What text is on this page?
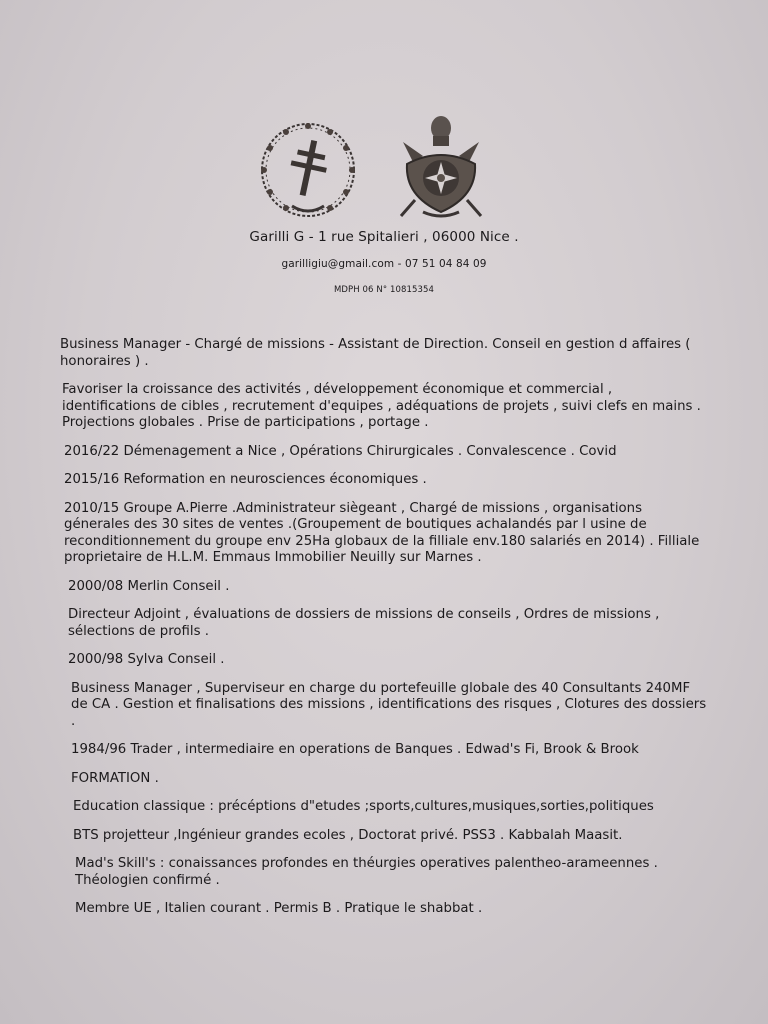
Garilli G - 1 rue Spitalieri , 06000 Nice .
garilligiu@gmail.com - 07 51 04 84 09
MDPH 06 N° 10815354

Business Manager - Chargé de missions - Assistant de Direction. Conseil en gestion d affaires ( honoraires ) .

Favoriser la croissance des activités , développement économique et commercial , identifications de cibles , recrutement d'equipes , adéquations de projets , suivi clefs en mains . Projections globales . Prise de participations , portage .

2016/22 Démenagement a Nice , Opérations Chirurgicales . Convalescence . Covid

2015/16 Reformation en neurosciences économiques .

2010/15 Groupe A.Pierre .Administrateur siègeant , Chargé de missions , organisations génerales des 30 sites de ventes .(Groupement de boutiques achalandés par l usine de reconditionnement du groupe env 25Ha globaux de la filliale env.180 salariés en 2014) . Filliale proprietaire de H.L.M. Emmaus Immobilier Neuilly sur Marnes .

2000/08 Merlin Conseil .

Directeur Adjoint , évaluations de dossiers de missions de conseils , Ordres de missions , sélections de profils .

2000/98 Sylva Conseil .

Business Manager , Superviseur en charge du portefeuille globale des 40 Consultants 240MF de CA . Gestion et finalisations des missions , identifications des risques , Clotures des dossiers .

1984/96 Trader , intermediaire en operations de Banques . Edwad's Fi, Brook & Brook

FORMATION .

Education classique : précéptions d"etudes ;sports,cultures,musiques,sorties,politiques

BTS projetteur ,Ingénieur grandes ecoles , Doctorat privé. PSS3 . Kabbalah Maasit.

Mad's Skill's : conaissances profondes en théurgies operatives palentheo-arameennes . Théologien confirmé .

Membre UE , Italien courant . Permis B . Pratique le shabbat .
